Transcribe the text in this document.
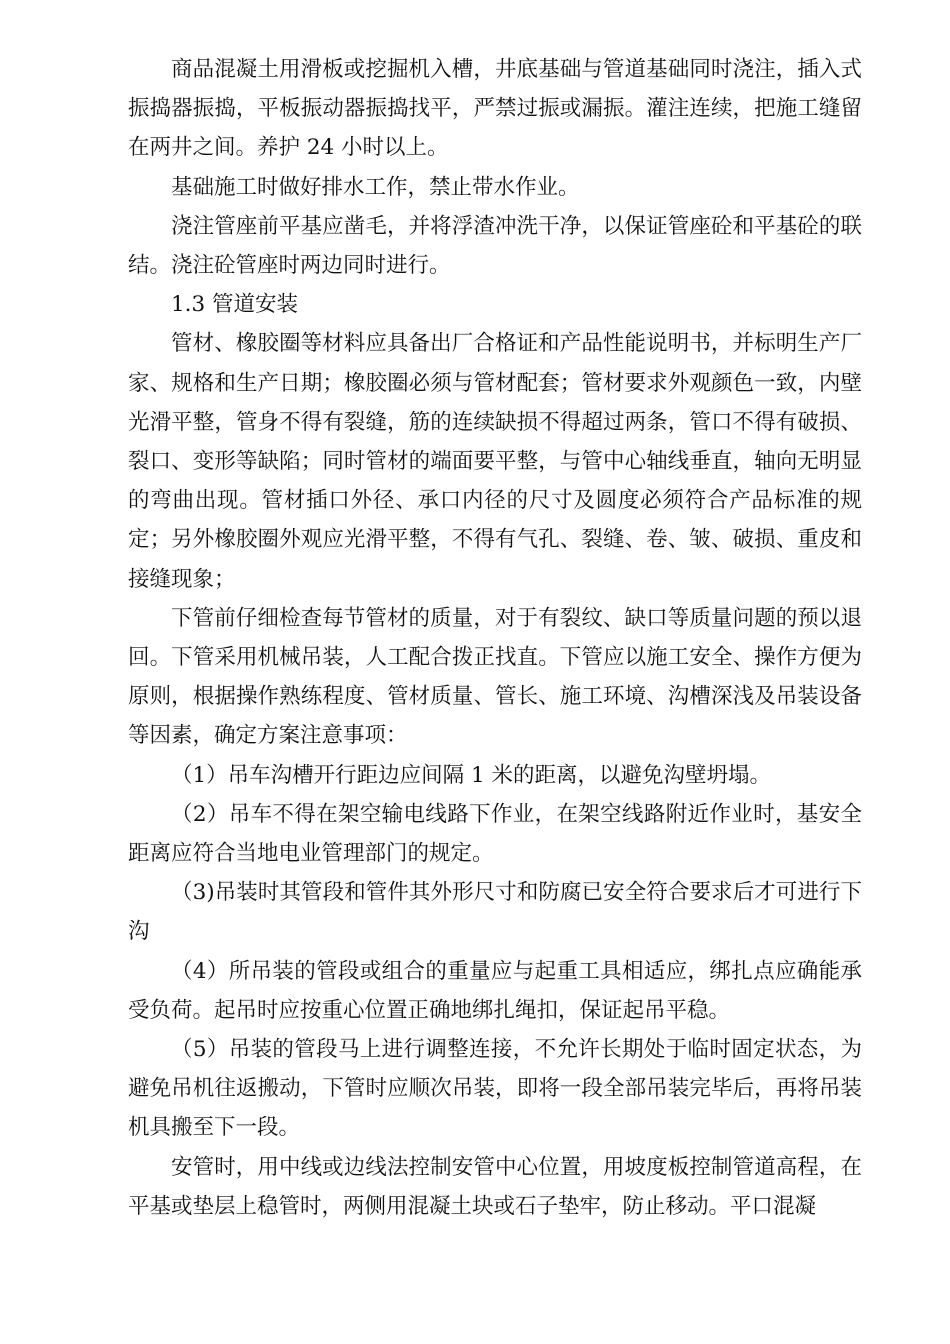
商品混凝土用滑板或挖掘机入槽，井底基础与管道基础同时浇注，插入式振捣器振捣，平板振动器振捣找平，严禁过振或漏振。灌注连续，把施工缝留在两井之间。养护 24 小时以上。

基础施工时做好排水工作，禁止带水作业。

浇注管座前平基应凿毛，并将浮渣冲洗干净，以保证管座砼和平基砼的联结。浇注砼管座时两边同时进行。

1.3 管道安装

管材、橡胶圈等材料应具备出厂合格证和产品性能说明书，并标明生产厂家、规格和生产日期；橡胶圈必须与管材配套；管材要求外观颜色一致，内壁光滑平整，管身不得有裂缝，筋的连续缺损不得超过两条，管口不得有破损、裂口、变形等缺陷；同时管材的端面要平整，与管中心轴线垂直，轴向无明显的弯曲出现。管材插口外径、承口内径的尺寸及圆度必须符合产品标准的规定；另外橡胶圈外观应光滑平整，不得有气孔、裂缝、卷、皱、破损、重皮和接缝现象；

下管前仔细检查每节管材的质量，对于有裂纹、缺口等质量问题的预以退回。下管采用机械吊装，人工配合拨正找直。下管应以施工安全、操作方便为原则，根据操作熟练程度、管材质量、管长、施工环境、沟槽深浅及吊装设备等因素，确定方案注意事项：

（1）吊车沟槽开行距边应间隔 1 米的距离，以避免沟壁坍塌。

（2）吊车不得在架空输电线路下作业，在架空线路附近作业时，基安全距离应符合当地电业管理部门的规定。

（3)吊装时其管段和管件其外形尺寸和防腐已安全符合要求后才可进行下沟

（4）所吊装的管段或组合的重量应与起重工具相适应，绑扎点应确能承受负荷。起吊时应按重心位置正确地绑扎绳扣，保证起吊平稳。

（5）吊装的管段马上进行调整连接，不允许长期处于临时固定状态，为避免吊机往返搬动，下管时应顺次吊装，即将一段全部吊装完毕后，再将吊装机具搬至下一段。

安管时，用中线或边线法控制安管中心位置，用坡度板控制管道高程，在平基或垫层上稳管时，两侧用混凝土块或石子垫牢，防止移动。平口混凝
